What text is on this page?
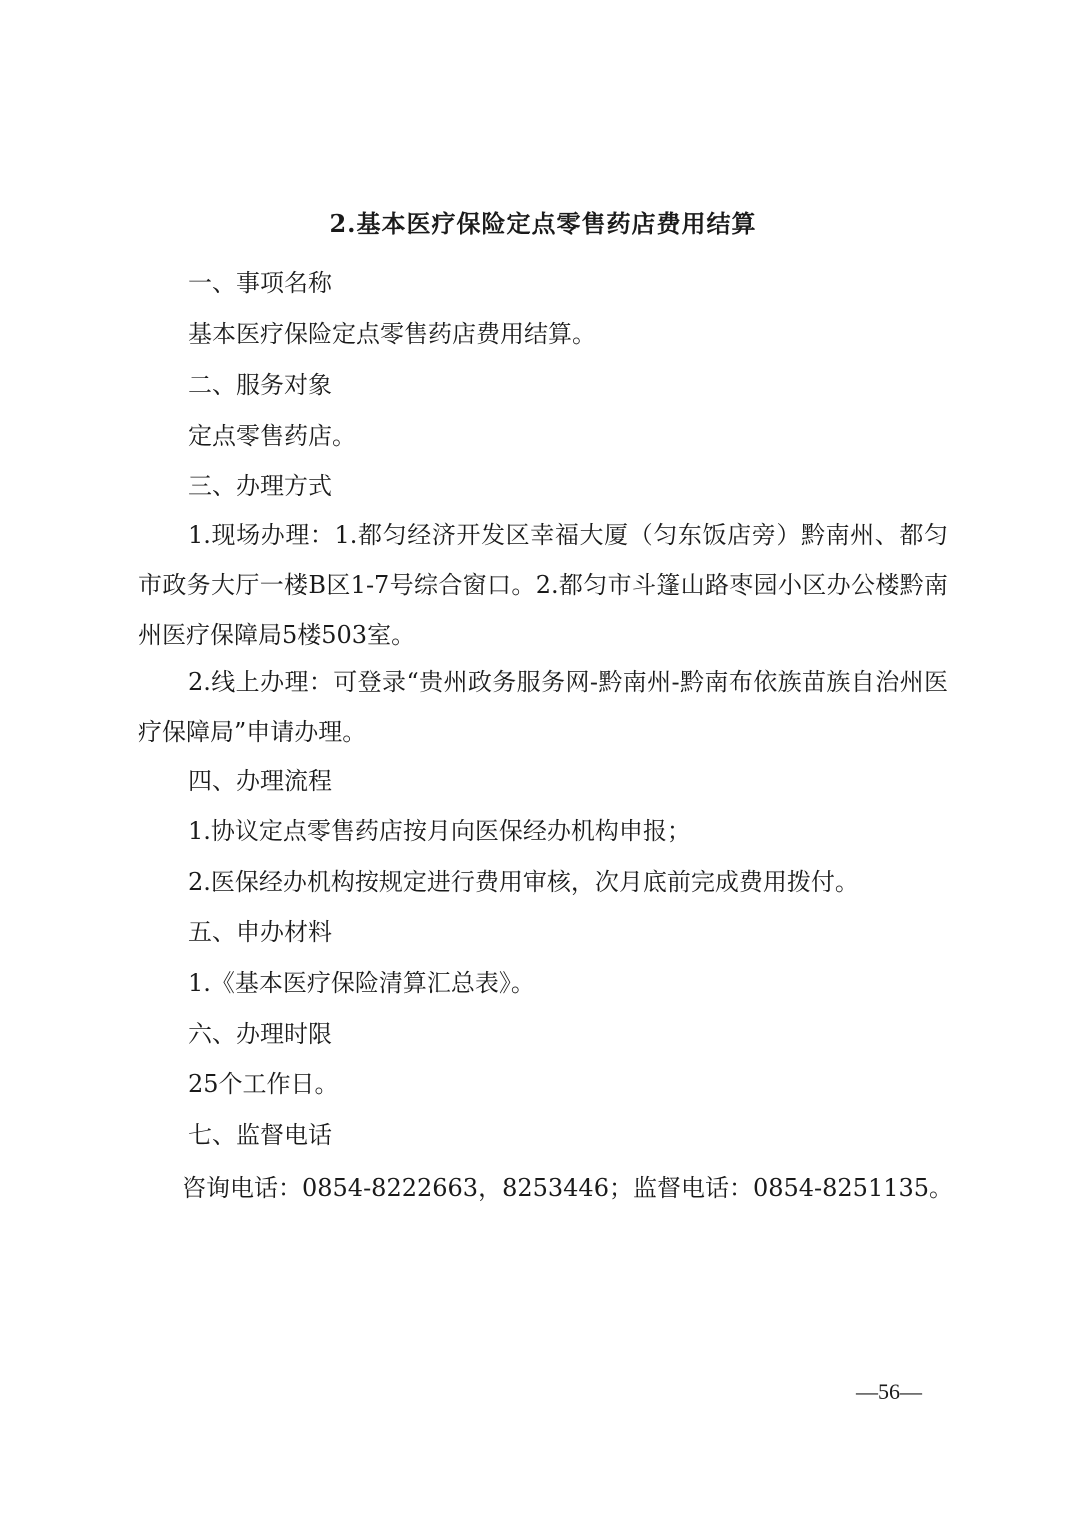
2.基本医疗保险定点零售药店费用结算
一、事项名称
基本医疗保险定点零售药店费用结算。
二、服务对象
定点零售药店。
三、办理方式
1.现场办理：1.都匀经济开发区幸福大厦（匀东饭店旁）黔南州、都匀市政务大厅一楼B区1-7号综合窗口。2.都匀市斗篷山路枣园小区办公楼黔南州医疗保障局5楼503室。
2.线上办理：可登录“贵州政务服务网-黔南州-黔南布依族苗族自治州医疗保障局”申请办理。
四、办理流程
1.协议定点零售药店按月向医保经办机构申报；
2.医保经办机构按规定进行费用审核，次月底前完成费用拨付。
五、申办材料
1.《基本医疗保险清算汇总表》。
六、办理时限
25个工作日。
七、监督电话
咨询电话：0854-8222663，8253446；监督电话：0854-8251135。
—56—
